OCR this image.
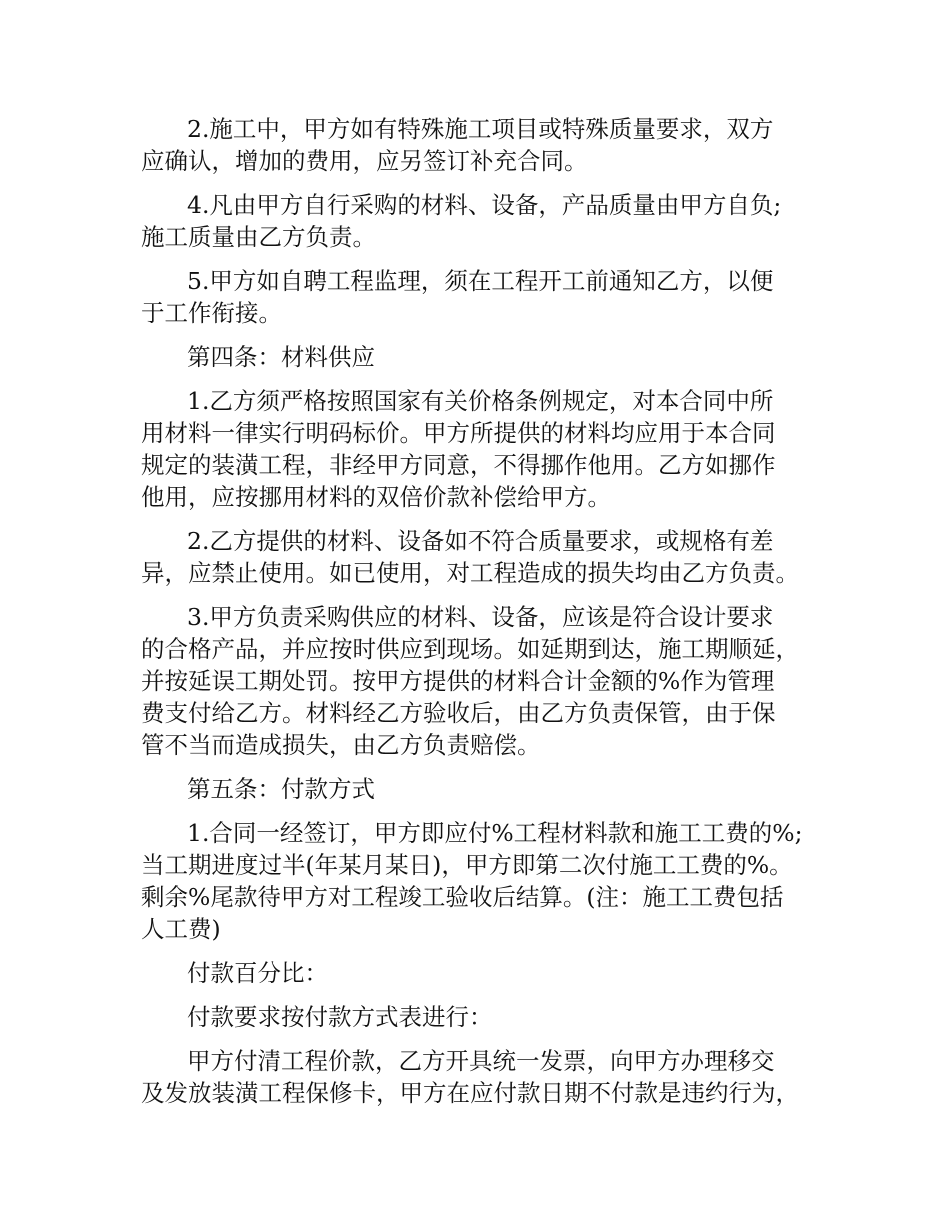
2.施工中，甲方如有特殊施工项目或特殊质量要求，双方
应确认，增加的费用，应另签订补充合同。
4.凡由甲方自行采购的材料、设备，产品质量由甲方自负;
施工质量由乙方负责。
5.甲方如自聘工程监理，须在工程开工前通知乙方，以便
于工作衔接。
第四条：材料供应
1.乙方须严格按照国家有关价格条例规定，对本合同中所
用材料一律实行明码标价。甲方所提供的材料均应用于本合同
规定的装潢工程，非经甲方同意，不得挪作他用。乙方如挪作
他用，应按挪用材料的双倍价款补偿给甲方。
2.乙方提供的材料、设备如不符合质量要求，或规格有差
异，应禁止使用。如已使用，对工程造成的损失均由乙方负责。
3.甲方负责采购供应的材料、设备，应该是符合设计要求
的合格产品，并应按时供应到现场。如延期到达，施工期顺延，
并按延误工期处罚。按甲方提供的材料合计金额的%作为管理
费支付给乙方。材料经乙方验收后，由乙方负责保管，由于保
管不当而造成损失，由乙方负责赔偿。
第五条：付款方式
1.合同一经签订，甲方即应付%工程材料款和施工工费的%;
当工期进度过半(年某月某日)，甲方即第二次付施工工费的%。
剩余%尾款待甲方对工程竣工验收后结算。(注：施工工费包括
人工费)
付款百分比：
付款要求按付款方式表进行：
甲方付清工程价款，乙方开具统一发票，向甲方办理移交
及发放装潢工程保修卡，甲方在应付款日期不付款是违约行为，
